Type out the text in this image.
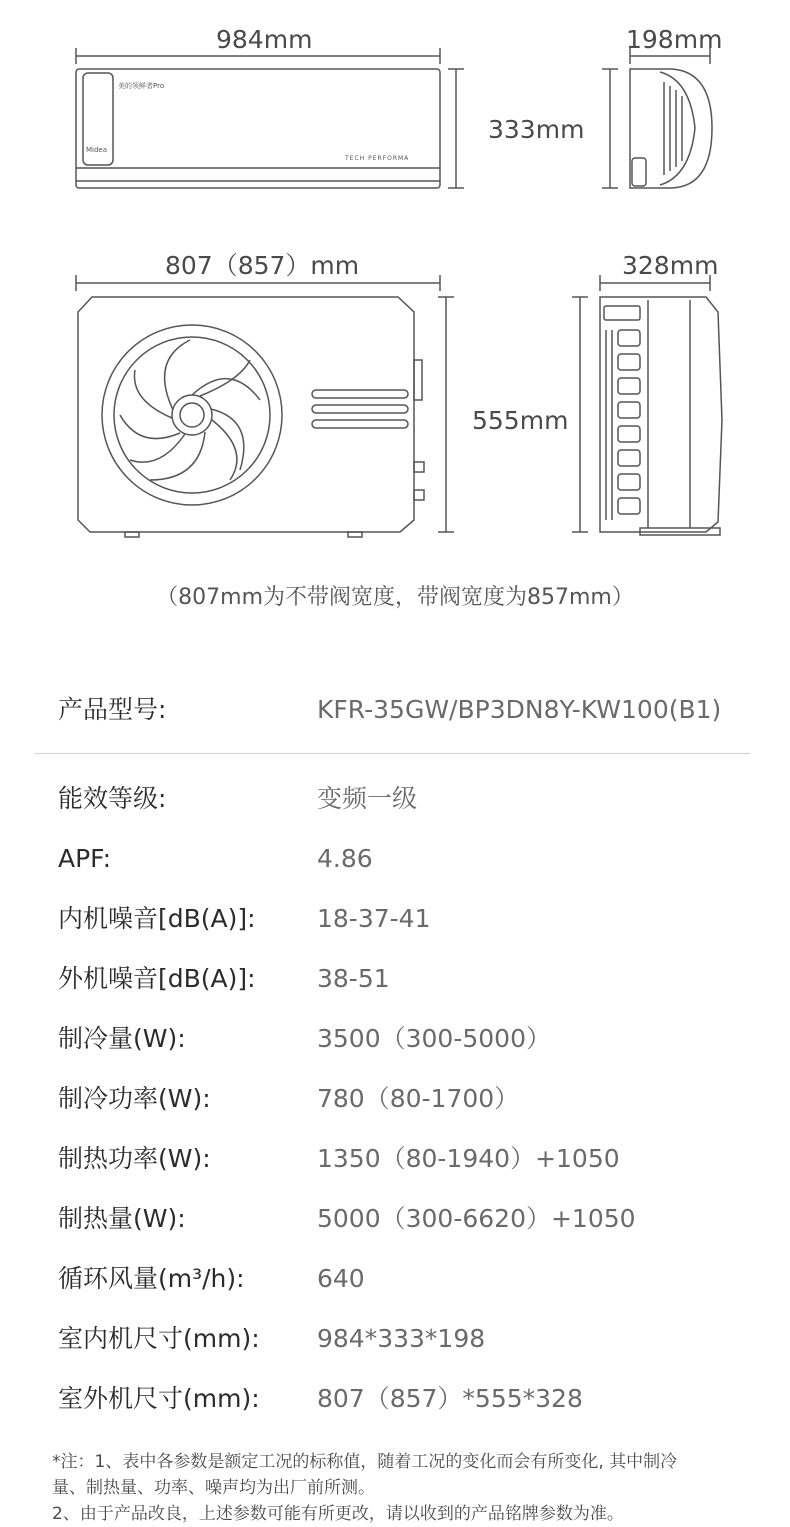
美的领鲜者Pro
Midea
TECH PERFORMA
984mm	198mm
333mm
807（857）mm	328mm
555mm
（807mm为不带阀宽度，带阀宽度为857mm）
产品型号:	KFR-35GW/BP3DN8Y-KW100(B1)
能效等级:	变频一级
APF:	4.86
内机噪音[dB(A)]: 18-37-41
外机噪音[dB(A)]: 38-51
制冷量(W):	3500（300-5000）
制冷功率(W):	780（80-1700）
制热功率(W):	1350（80-1940）+1050
制热量(W):	5000（300-6620）+1050
循环风量(m³/h):	640
室内机尺寸(mm): 984*333*198
室外机尺寸(mm): 807（857）*555*328
*注：1、表中各参数是额定工况的标称值，随着工况的变化而会有所变化, 其中制冷
量、制热量、功率、噪声均为出厂前所测。
2、由于产品改良，上述参数可能有所更改，请以收到的产品铭牌参数为准。
